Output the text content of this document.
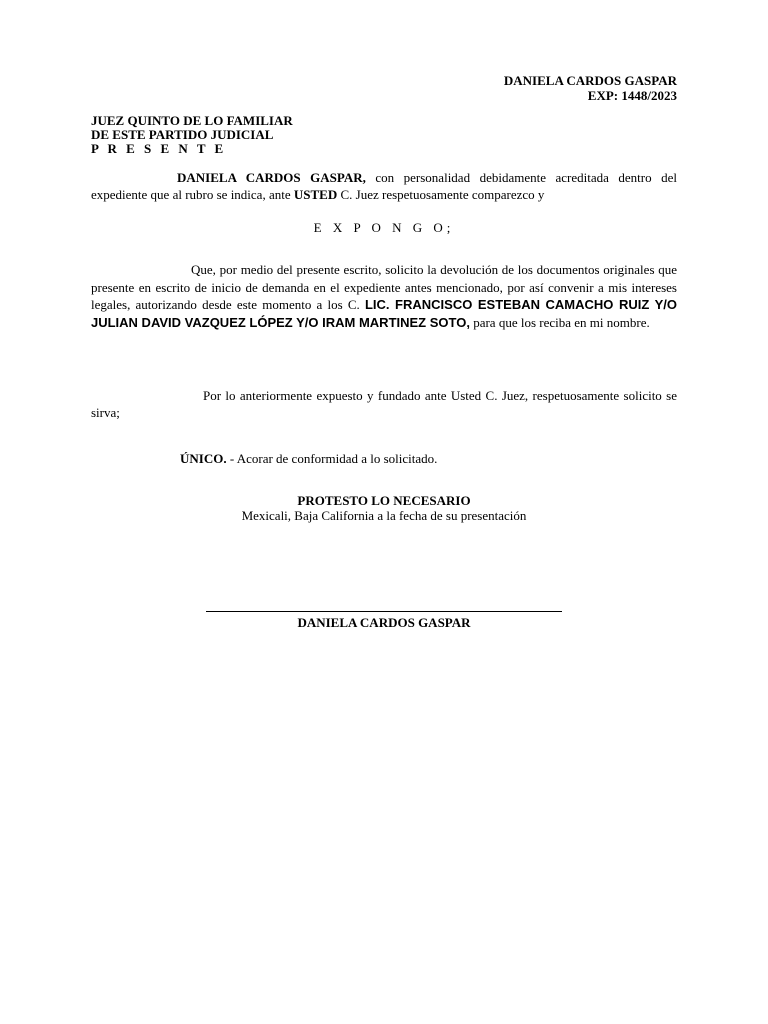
DANIELA CARDOS GASPAR
EXP: 1448/2023
JUEZ QUINTO DE LO FAMILIAR
DE ESTE PARTIDO JUDICIAL
P R E S E N T E
DANIELA CARDOS GASPAR, con personalidad debidamente acreditada dentro del expediente que al rubro se indica, ante USTED C. Juez respetuosamente comparezco y
E X P O N G O;
Que, por medio del presente escrito, solicito la devolución de los documentos originales que presente en escrito de inicio de demanda en el expediente antes mencionado, por así convenir a mis intereses legales, autorizando desde este momento a los C. LIC. FRANCISCO ESTEBAN CAMACHO RUIZ Y/O JULIAN DAVID VAZQUEZ LÓPEZ Y/O IRAM MARTINEZ SOTO, para que los reciba en mi nombre.
Por lo anteriormente expuesto y fundado ante Usted C. Juez, respetuosamente solicito se sirva;
ÚNICO. - Acorar de conformidad a lo solicitado.
PROTESTO LO NECESARIO
Mexicali, Baja California a la fecha de su presentación
DANIELA CARDOS GASPAR
